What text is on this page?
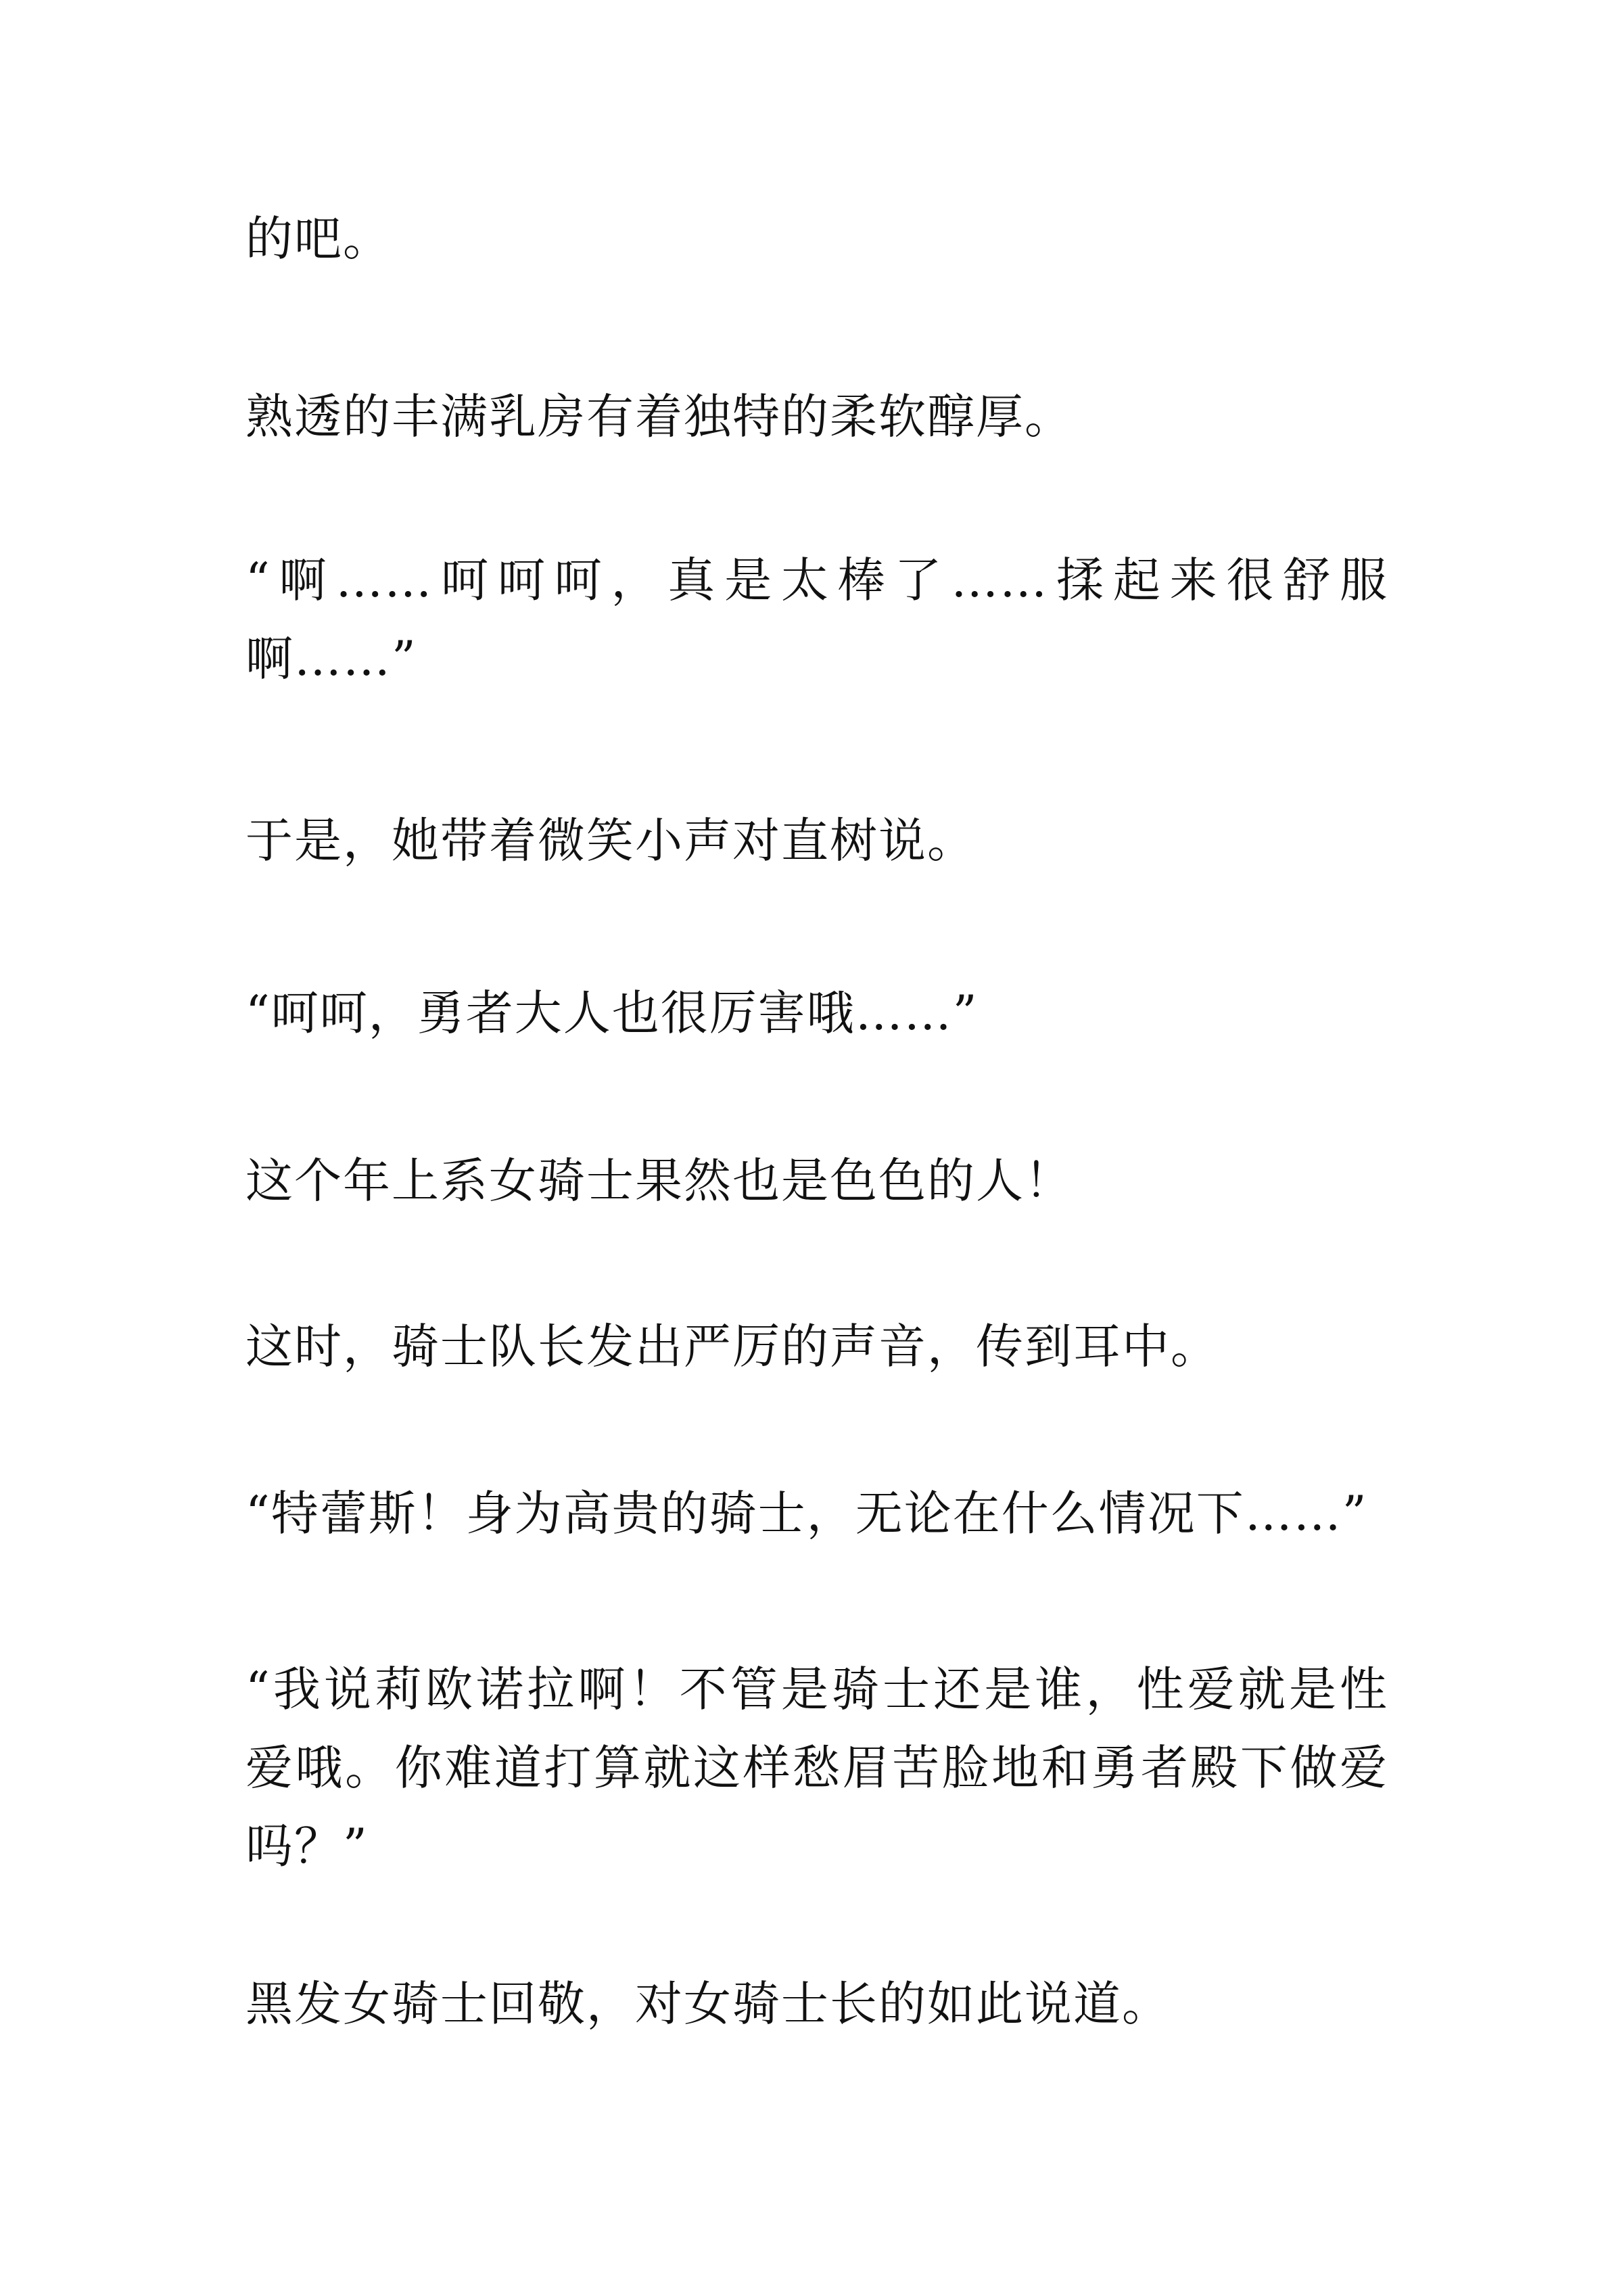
的吧。

熟透的丰满乳房有着独特的柔软醇厚。

“啊……呵呵呵，真是太棒了……揉起来很舒服啊……”

于是，她带着微笑小声对直树说。

“呵呵，勇者大人也很厉害哦……”

这个年上系女骑士果然也是色色的人！

这时，骑士队长发出严厉的声音，传到耳中。

“特蕾斯！身为高贵的骑士，无论在什么情况下……”

“我说莉欧诺拉啊！不管是骑士还是谁，性爱就是性爱哦。你难道打算就这样愁眉苦脸地和勇者殿下做爱吗？”

黑发女骑士回敬，对女骑士长的如此说道。
